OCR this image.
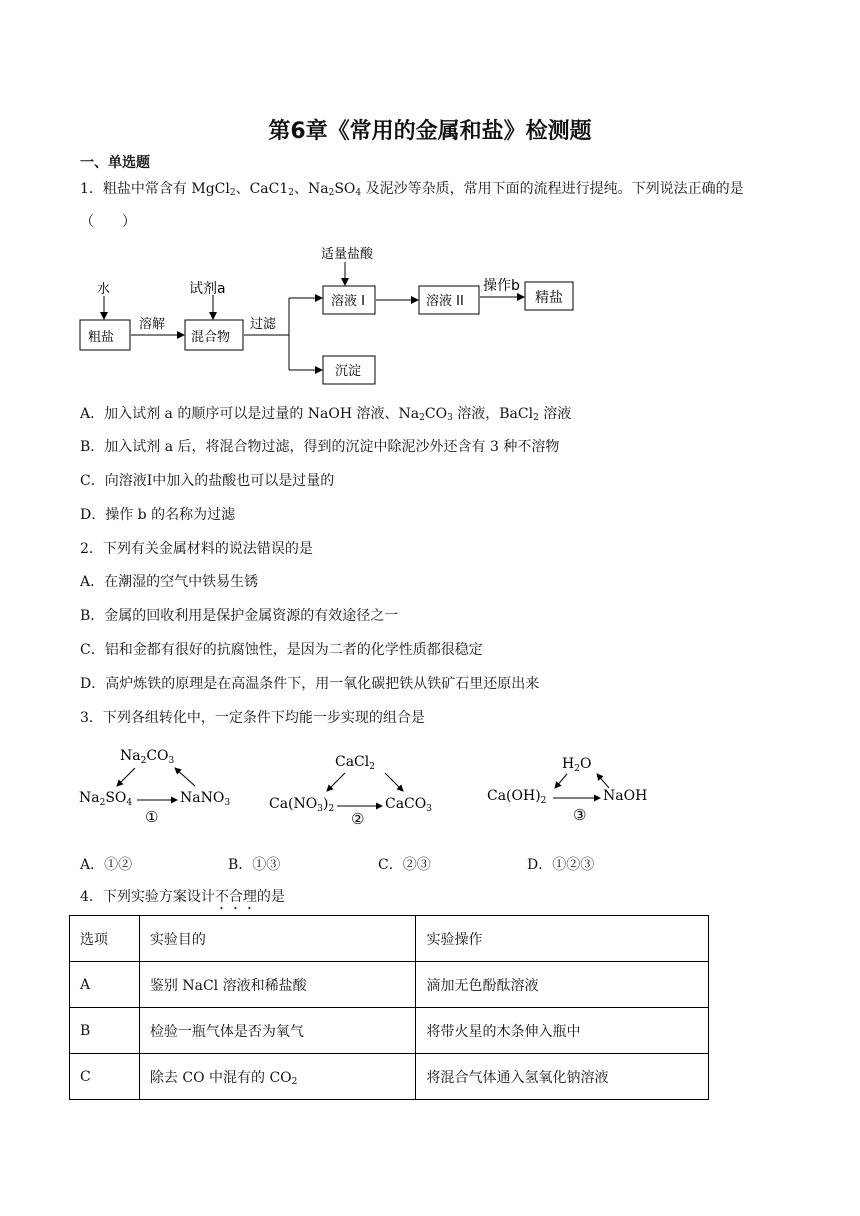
第6章《常用的金属和盐》检测题
一、单选题
1．粗盐中常含有 MgCl$_2$、$CaC1_2$、$Na_2SO_4$ 及泥沙等杂质，常用下面的流程进行提纯。下列说法正确的是
（　　）
水
粗盐
溶解
试剂a
混合物
过滤
适量盐酸
溶液 I	溶液 II
操作b
精盐
沉淀
A．加入试剂 a 的顺序可以是过量的 NaOH 溶液、$Na_2CO_3$ 溶液，BaCl$_2$ 溶液
B．加入试剂 a 后，将混合物过滤，得到的沉淀中除泥沙外还含有 3 种不溶物
C．向溶液I中加入的盐酸也可以是过量的
D．操作 b 的名称为过滤
2．下列有关金属材料的说法错误的是
A．在潮湿的空气中铁易生锈
B．金属的回收利用是保护金属资源的有效途径之一
C．铝和金都有很好的抗腐蚀性，是因为二者的化学性质都很稳定
D．高炉炼铁的原理是在高温条件下，用一氧化碳把铁从铁矿石里还原出来
3．下列各组转化中，一定条件下均能一步实现的组合是
$Na_2CO_3$
$Na_2SO_4$	NaNO$_3$
①
CaCl$_2$
$Ca(NO_3)_2$	CaCO$_3$
②
$H_2O$
$Ca(OH)_2$	NaOH
③
A．①②	B．①③	C．②③	D．①②③
4．下列实验方案设计不合理的是
选项	实验目的	实验操作
A	鉴别 NaCl 溶液和稀盐酸	滴加无色酚酞溶液
B	检验一瓶气体是否为氧气	将带火星的木条伸入瓶中
C	除去 CO 中混有的 $CO_2$	将混合气体通入氢氧化钠溶液
